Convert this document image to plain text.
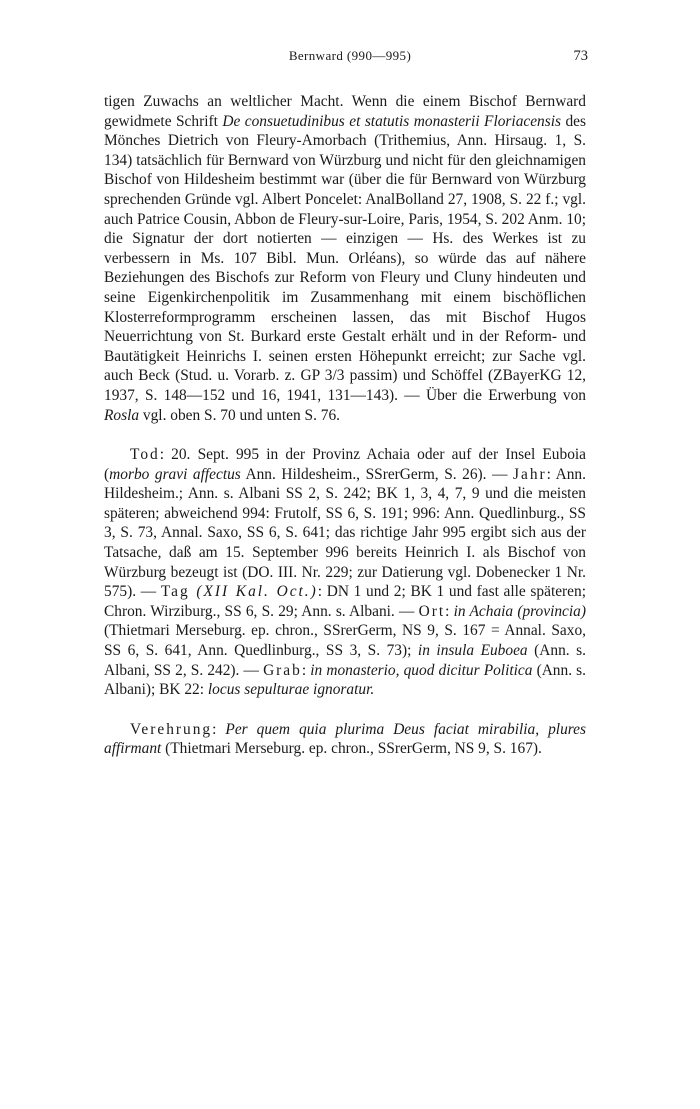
Bernward (990—995)	73

tigen Zuwachs an weltlicher Macht. Wenn die einem Bischof Bernward gewidmete Schrift De consuetudinibus et statutis monasterii Floriacensis des Mönches Dietrich von Fleury-Amorbach (Trithemius, Ann. Hirsaug. 1, S. 134) tatsächlich für Bernward von Würzburg und nicht für den gleichnamigen Bischof von Hildesheim bestimmt war (über die für Bernward von Würzburg sprechenden Gründe vgl. Albert Poncelet: AnalBolland 27, 1908, S. 22 f.; vgl. auch Patrice Cousin, Abbon de Fleury-sur-Loire, Paris, 1954, S. 202 Anm. 10; die Signatur der dort notierten — einzigen — Hs. des Werkes ist zu verbessern in Ms. 107 Bibl. Mun. Orléans), so würde das auf nähere Beziehungen des Bischofs zur Reform von Fleury und Cluny hindeuten und seine Eigenkirchenpolitik im Zusammenhang mit einem bischöflichen Klosterreformprogramm erscheinen lassen, das mit Bischof Hugos Neuerrichtung von St. Burkard erste Gestalt erhält und in der Reform- und Bautätigkeit Heinrichs I. seinen ersten Höhepunkt erreicht; zur Sache vgl. auch Beck (Stud. u. Vorarb. z. GP 3/3 passim) und Schöffel (ZBayerKG 12, 1937, S. 148—152 und 16, 1941, 131—143). — Über die Erwerbung von Rosla vgl. oben S. 70 und unten S. 76.

Tod: 20. Sept. 995 in der Provinz Achaia oder auf der Insel Euboia (morbo gravi affectus Ann. Hildesheim., SSrerGerm, S. 26). — Jahr: Ann. Hildesheim.; Ann. s. Albani SS 2, S. 242; BK 1, 3, 4, 7, 9 und die meisten späteren; abweichend 994: Frutolf, SS 6, S. 191; 996: Ann. Quedlinburg., SS 3, S. 73, Annal. Saxo, SS 6, S. 641; das richtige Jahr 995 ergibt sich aus der Tatsache, daß am 15. September 996 bereits Heinrich I. als Bischof von Würzburg bezeugt ist (DO. III. Nr. 229; zur Datierung vgl. Dobenecker 1 Nr. 575). — Tag (XII Kal. Oct.): DN 1 und 2; BK 1 und fast alle späteren; Chron. Wirziburg., SS 6, S. 29; Ann. s. Albani. — Ort: in Achaia (provincia) (Thietmari Merseburg. ep. chron., SSrerGerm, NS 9, S. 167 = Annal. Saxo, SS 6, S. 641, Ann. Quedlinburg., SS 3, S. 73); in insula Euboea (Ann. s. Albani, SS 2, S. 242). — Grab: in monasterio, quod dicitur Politica (Ann. s. Albani); BK 22: locus sepulturae ignoratur.

Verehrung: Per quem quia plurima Deus faciat mirabilia, plures affirmant (Thietmari Merseburg. ep. chron., SSrerGerm, NS 9, S. 167).
